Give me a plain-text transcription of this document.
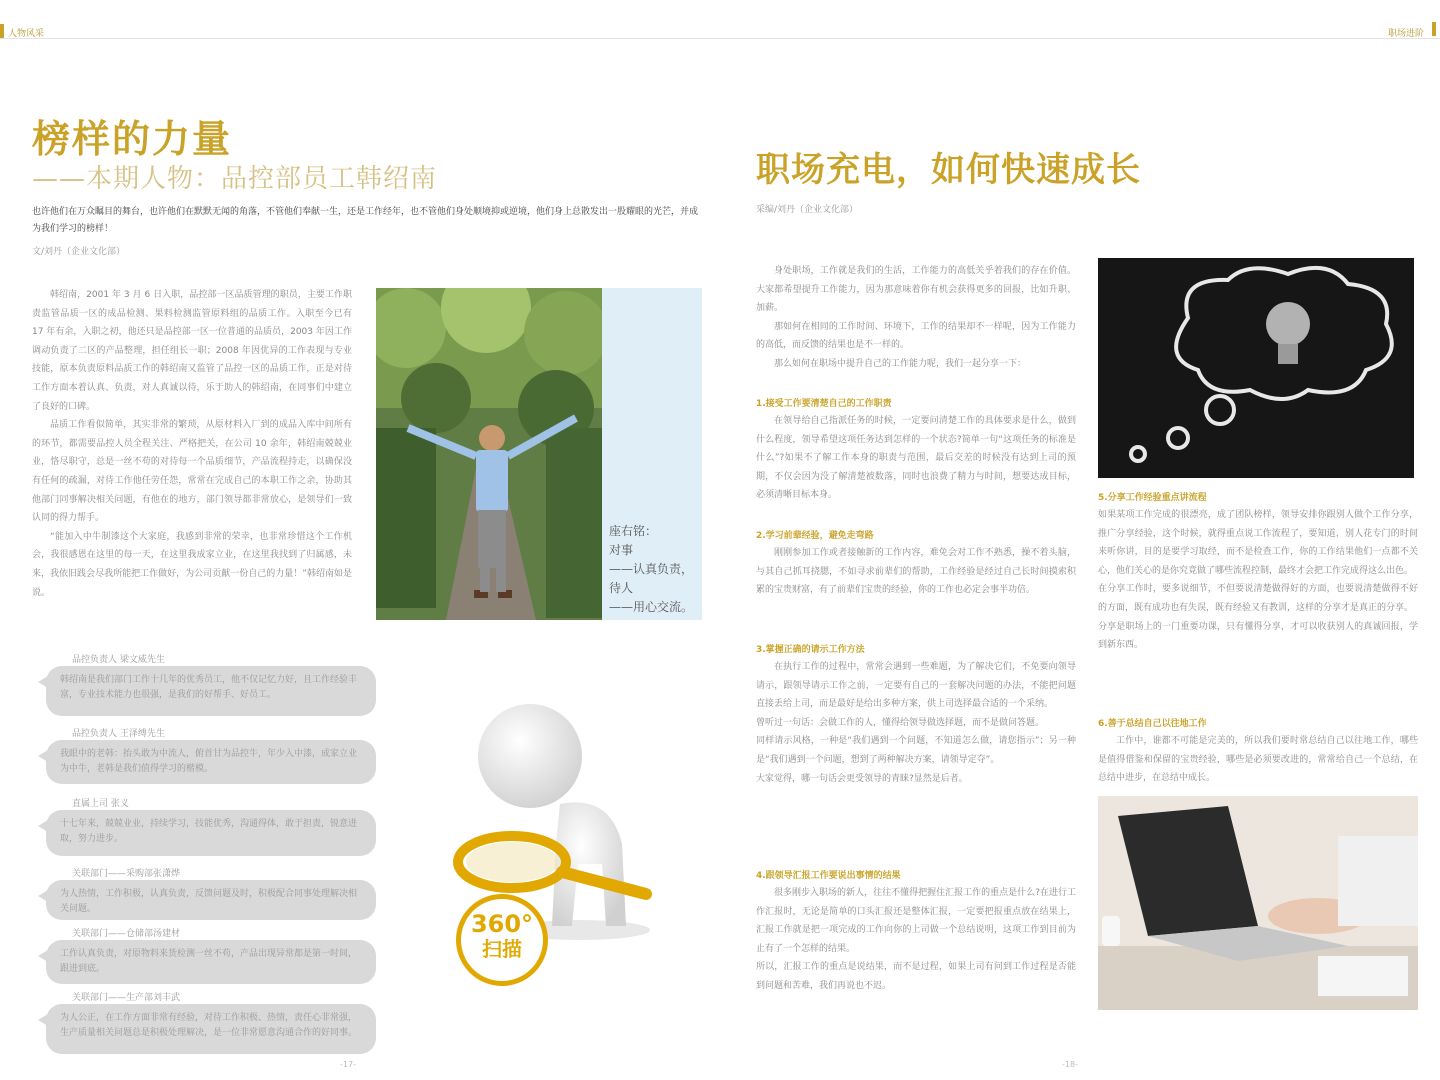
人物风采	职场进阶
榜样的力量
——本期人物：品控部员工韩绍南
也许他们在万众瞩目的舞台，也许他们在默默无闻的角落，不管他们奉献一生，还是工作经年，也不管他们身处顺境抑或逆境，他们身上总散发出一股耀眼的光芒，并成为我们学习的榜样！
文/刘丹（企业文化部）
韩绍南，2001 年 3 月 6 日入职，品控部一区品质管理的职员，主要工作职责监管品质一区的成品检测、果料检测监管原料组的品质工作。入职至今已有 17 年有余，入职之初，他还只是品控部一区一位普通的品质员，2003 年因工作调动负责了二区的产品整理，担任组长一职；2008 年因优异的工作表现与专业技能，原本负责原料品质工作的韩绍南又监管了品控一区的品质工作，正是对待工作方面本着认真、负责，对人真诚以待，乐于助人的韩绍南，在同事们中建立了良好的口碑。
品质工作看似简单，其实非常的繁琐，从原材料入厂到的成品入库中间所有的环节，都需要品控人员全程关注、严格把关，在公司 10 余年，韩绍南兢兢业业，恪尽职守，总是一丝不苟的对待每一个品质细节，产品流程持走，以确保没有任何的疏漏，对待工作他任劳任怨，常常在完成自己的本职工作之余，协助其他部门同事解决相关问题，有他在的地方，部门领导都非常放心，是领导们一致认同的得力帮手。
“能加入中牛制漆这个大家庭，我感到非常的荣幸，也非常珍惜这个工作机会，我很感恩在这里的每一天，在这里我成家立业，在这里我找到了归属感，未来，我依旧践会尽我所能把工作做好，为公司贡献一份自己的力量！”韩绍南如是说。
座右铭：
对事
——认真负责，
待人
——用心交流。
品控负责人 梁文威先生
韩绍南是我们部门工作十几年的优秀员工，他不仅记忆力好，且工作经验丰富，专业技术能力也很强，是我们的好帮手、好员工。
品控负责人 王泽缚先生
我眼中的老韩：抬头敢为中流人，俯首甘为品控牛，年少入中漆，成家立业为中牛，老韩是我们值得学习的楷模。
直属上司 张义
十七年来，兢兢业业，持续学习，技能优秀，沟通得体，敢于担责，锐意进取，努力进步。
关联部门——采购部张潇烨
为人热情，工作积极，认真负责，反馈问题及时，积极配合同事处理解决相关问题。
关联部门——仓储部汤建材
工作认真负责，对原物料来货检测一丝不苟，产品出现异常都是第一时间，跟进到底。
关联部门——生产部刘丰武
为人公正，在工作方面非常有经验，对待工作积极、热情，责任心非常强，生产质量相关问题总是积极处理解决，是一位非常愿意沟通合作的好同事。
360°
扫描
-17-
职场充电，如何快速成长
采编/刘丹（企业文化部）
身处职场，工作就是我们的生活，工作能力的高低关乎着我们的存在价值。大家都希望提升工作能力，因为那意味着你有机会获得更多的回报，比如升职、加薪。
那如何在相同的工作时间、环境下，工作的结果却不一样呢，因为工作能力的高低，而反馈的结果也是不一样的。
那么如何在职场中提升自己的工作能力呢，我们一起分享一下：
1.接受工作要清楚自己的工作职责
在领导给自己指派任务的时候，一定要问清楚工作的具体要求是什么，做到什么程度，领导希望这项任务达到怎样的一个状态?简单一句“这项任务的标准是什么”?如果不了解工作本身的职责与范围，最后交差的时候没有达到上司的预期，不仅会因为没了解清楚被数落，同时也浪费了精力与时间，想要达成目标，必须清晰目标本身。
2.学习前辈经验，避免走弯路
刚刚参加工作或者接触新的工作内容，难免会对工作不熟悉，操不着头脑，与其自己抓耳挠腮，不如寻求前辈们的帮助，工作经验是经过自己长时间摸索积累的宝贵财富，有了前辈们宝贵的经验，你的工作也必定会事半功倍。
3.掌握正确的请示工作方法
在执行工作的过程中，常常会遇到一些难题，为了解决它们，不免要向领导请示，跟领导请示工作之前，一定要有自己的一套解决问题的办法，不能把问题直接丢给上司，而是最好是给出多种方案，供上司选择最合适的一个采纳。
曾听过一句话：会做工作的人，懂得给领导做选择题，而不是做问答题。
同样请示风格，一种是“我们遇到一个问题，不知道怎么做，请您指示”；另一种是“我们遇到一个问题，想到了两种解决方案，请领导定夺”。
大家觉得，哪一句话会更受领导的青睐?显然是后者。
4.跟领导汇报工作要说出事情的结果
很多刚步入职场的新人，往往不懂得把握住汇报工作的重点是什么?在进行工作汇报时，无论是简单的口头汇报还是整体汇报，一定要把报重点放在结果上，汇报工作就是把一项完成的工作向你的上司做一个总结说明，这项工作到目前为止有了一个怎样的结果。
所以，汇报工作的重点是说结果，而不是过程，如果上司有问到工作过程是否能到问题和苦难，我们再说也不迟。
5.分享工作经验重点讲流程
如果某项工作完成的很漂亮，成了团队榜样，领导安排你跟别人做个工作分享，推广分享经验，这个时候，就得重点说工作流程了，要知道，别人花专门的时间来听你讲，目的是要学习取经，而不是检查工作，你的工作结果他们一点都不关心，他们关心的是你究竟做了哪些流程控制，最终才会把工作完成得这么出色。
在分享工作时，要多说细节，不但要说清楚做得好的方面，也要说清楚做得不好的方面，既有成功也有失误，既有经验又有教训，这样的分享才是真正的分享。
分享是职场上的一门重要功课，只有懂得分享，才可以收获别人的真诚回报，学到新东西。
6.善于总结自己以往地工作
工作中，谁都不可能是完美的，所以我们要时常总结自己以往地工作，哪些是值得借鉴和保留的宝贵经验，哪些是必须要改进的，常常给自己一个总结，在总结中进步，在总结中成长。
-18-
